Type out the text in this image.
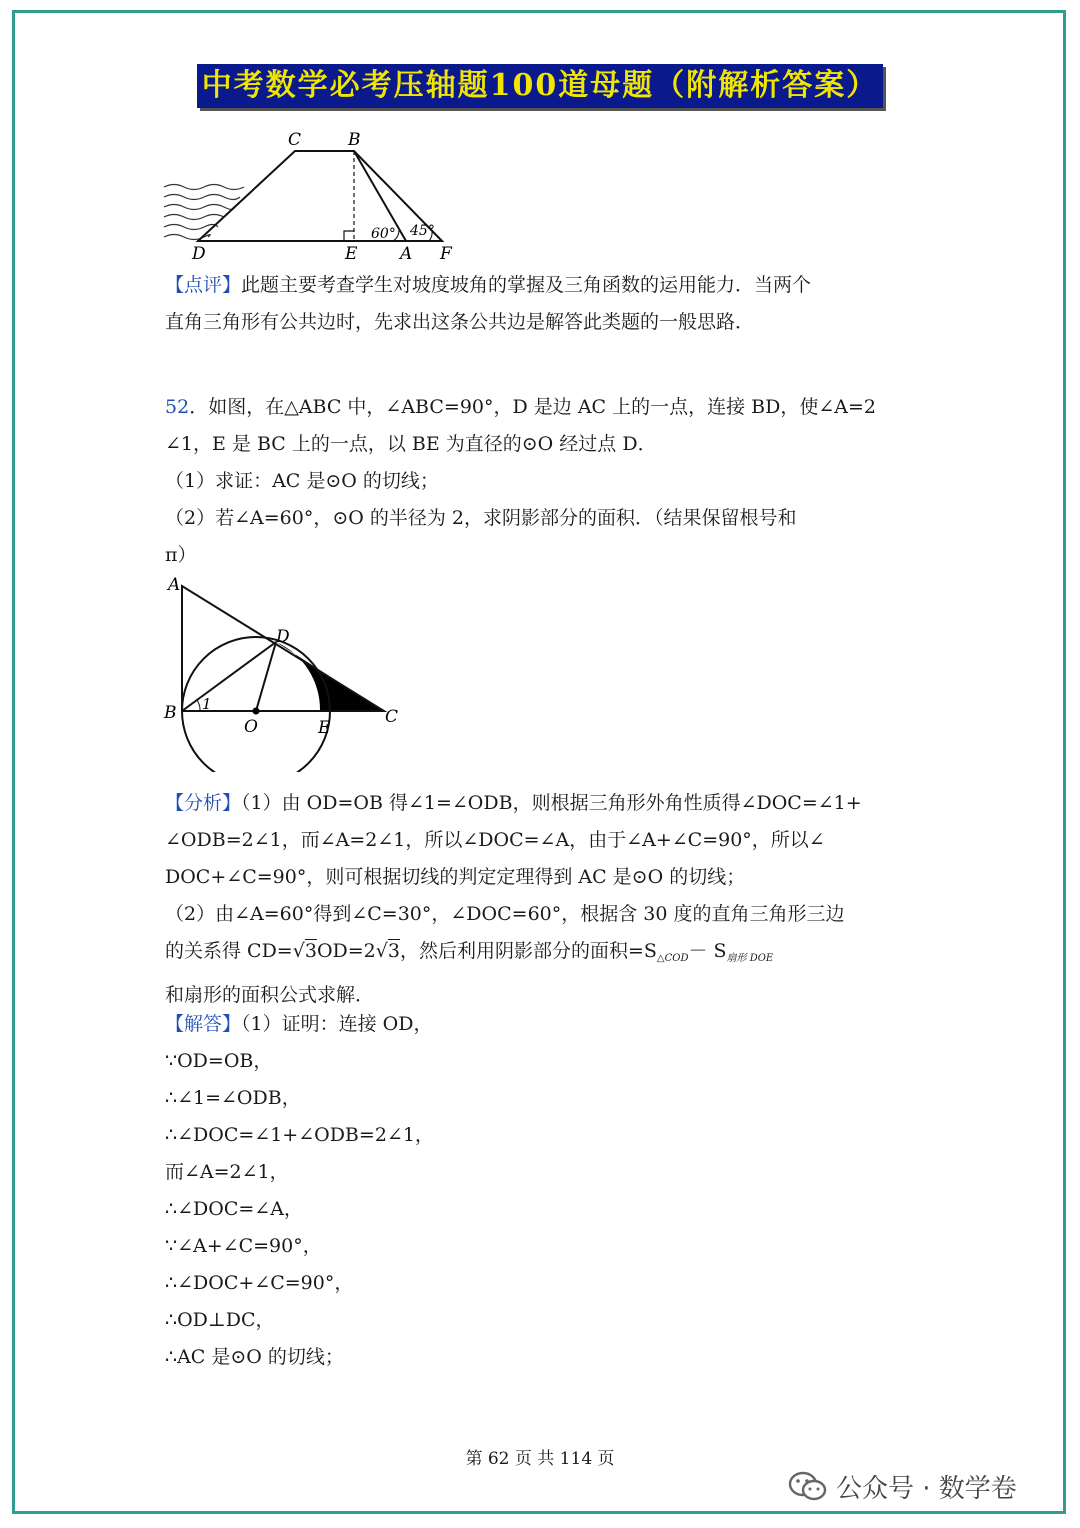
中考数学必考压轴题100道母题（附解析答案）
C	B
D	E	A F
60° 45°
【点评】此题主要考查学生对坡度坡角的掌握及三角函数的运用能力．当两个
直角三角形有公共边时，先求出这条公共边是解答此类题的一般思路．
52．如图，在△ABC 中，∠ABC=90°，D 是边 AC 上的一点，连接 BD，使∠A=2
∠1，E 是 BC 上的一点，以 BE 为直径的⊙O 经过点 D．
（1）求证：AC 是⊙O 的切线；
（2）若∠A=60°，⊙O 的半径为 2，求阴影部分的面积．（结果保留根号和
π）
A
D
B 1
O	E
C
【分析】（1）由 OD=OB 得∠1=∠ODB，则根据三角形外角性质得∠DOC=∠1+
∠ODB=2∠1，而∠A=2∠1，所以∠DOC=∠A，由于∠A+∠C=90°，所以∠
DOC+∠C=90°，则可根据切线的判定定理得到 AC 是⊙O 的切线；
（2）由∠A=60°得到∠C=30°，∠DOC=60°，根据含 30 度的直角三角形三边
的关系得 CD=√3OD=2√3，然后利用阴影部分的面积$=S_{\triangle COD}- S_{扇形 DOE}$
和扇形的面积公式求解．
【解答】（1）证明：连接 OD，
∵OD=OB，
∴∠1=∠ODB，
∴∠DOC=∠1+∠ODB=2∠1，
而∠A=2∠1，
∴∠DOC=∠A，
∵∠A+∠C=90°，
∴∠DOC+∠C=90°，
∴OD⊥DC，
∴AC 是⊙O 的切线；
第 62 页 共 114 页
公众号 · 数学卷
